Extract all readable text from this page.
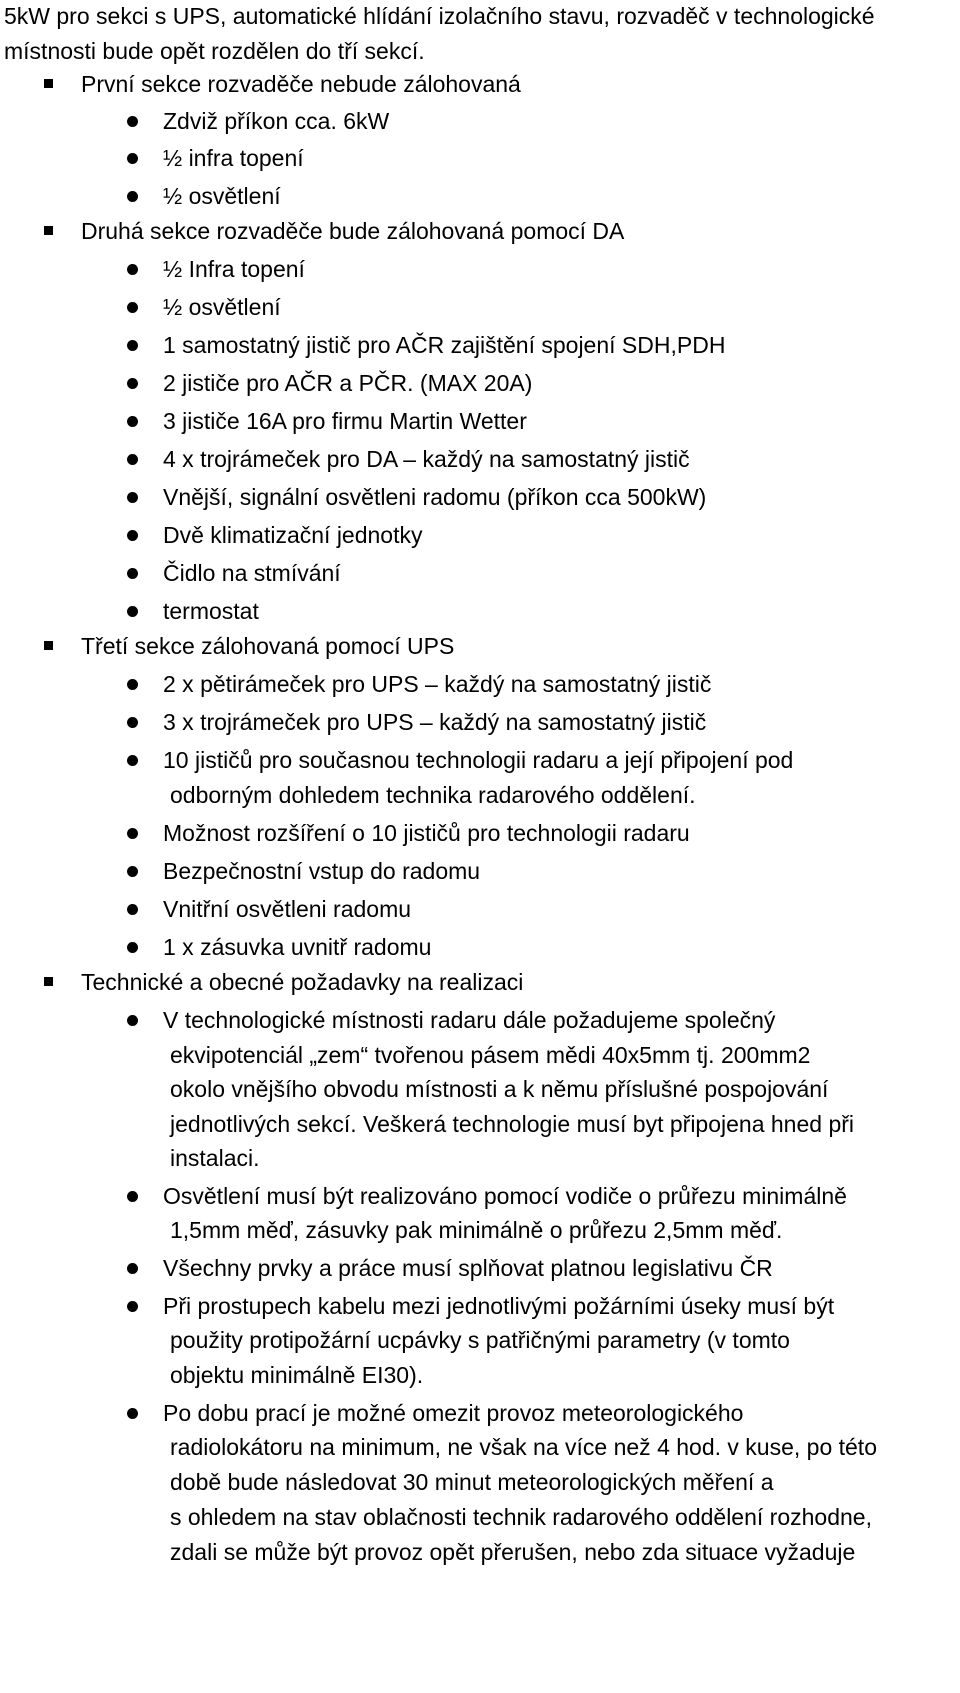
5kW pro sekci s UPS, automatické hlídání izolačního stavu, rozvaděč v technologické
místnosti bude opět rozdělen do tří sekcí.
První sekce rozvaděče nebude zálohovaná
Zdviž příkon cca. 6kW
½ infra topení
½ osvětlení
Druhá sekce rozvaděče bude zálohovaná pomocí DA
½ Infra topení
½ osvětlení
1 samostatný jistič pro AČR zajištění spojení SDH,PDH
2 jističe pro AČR a PČR. (MAX 20A)
3 jističe 16A pro firmu Martin Wetter
4 x trojrámeček pro DA – každý na samostatný jistič
Vnější, signální osvětleni radomu (příkon cca 500kW)
Dvě klimatizační jednotky
Čidlo na stmívání
termostat
Třetí sekce zálohovaná pomocí UPS
2 x pětirámeček pro UPS – každý na samostatný jistič
3 x trojrámeček pro UPS – každý na samostatný jistič
10 jističů pro současnou technologii radaru a její připojení pod
odborným dohledem technika radarového oddělení.
Možnost rozšíření o 10 jističů pro technologii radaru
Bezpečnostní vstup do radomu
Vnitřní osvětleni radomu
1 x zásuvka uvnitř radomu
Technické a obecné požadavky na realizaci
V technologické místnosti radaru dále požadujeme společný
ekvipotenciál „zem“ tvořenou pásem mědi 40x5mm tj. 200mm2
okolo vnějšího obvodu místnosti a k němu příslušné pospojování
jednotlivých sekcí. Veškerá technologie musí byt připojena hned při
instalaci.
Osvětlení musí být realizováno pomocí vodiče o průřezu minimálně
1,5mm měď, zásuvky pak minimálně o průřezu 2,5mm měď.
Všechny prvky a práce musí splňovat platnou legislativu ČR
Při prostupech kabelu mezi jednotlivými požárními úseky musí být
použity protipožární ucpávky s patřičnými parametry (v tomto
objektu minimálně EI30).
Po dobu prací je možné omezit provoz meteorologického
radiolokátoru na minimum, ne však na více než 4 hod. v kuse, po této
době bude následovat 30 minut meteorologických měření a
s ohledem na stav oblačnosti technik radarového oddělení rozhodne,
zdali se může být provoz opět přerušen, nebo zda situace vyžaduje
